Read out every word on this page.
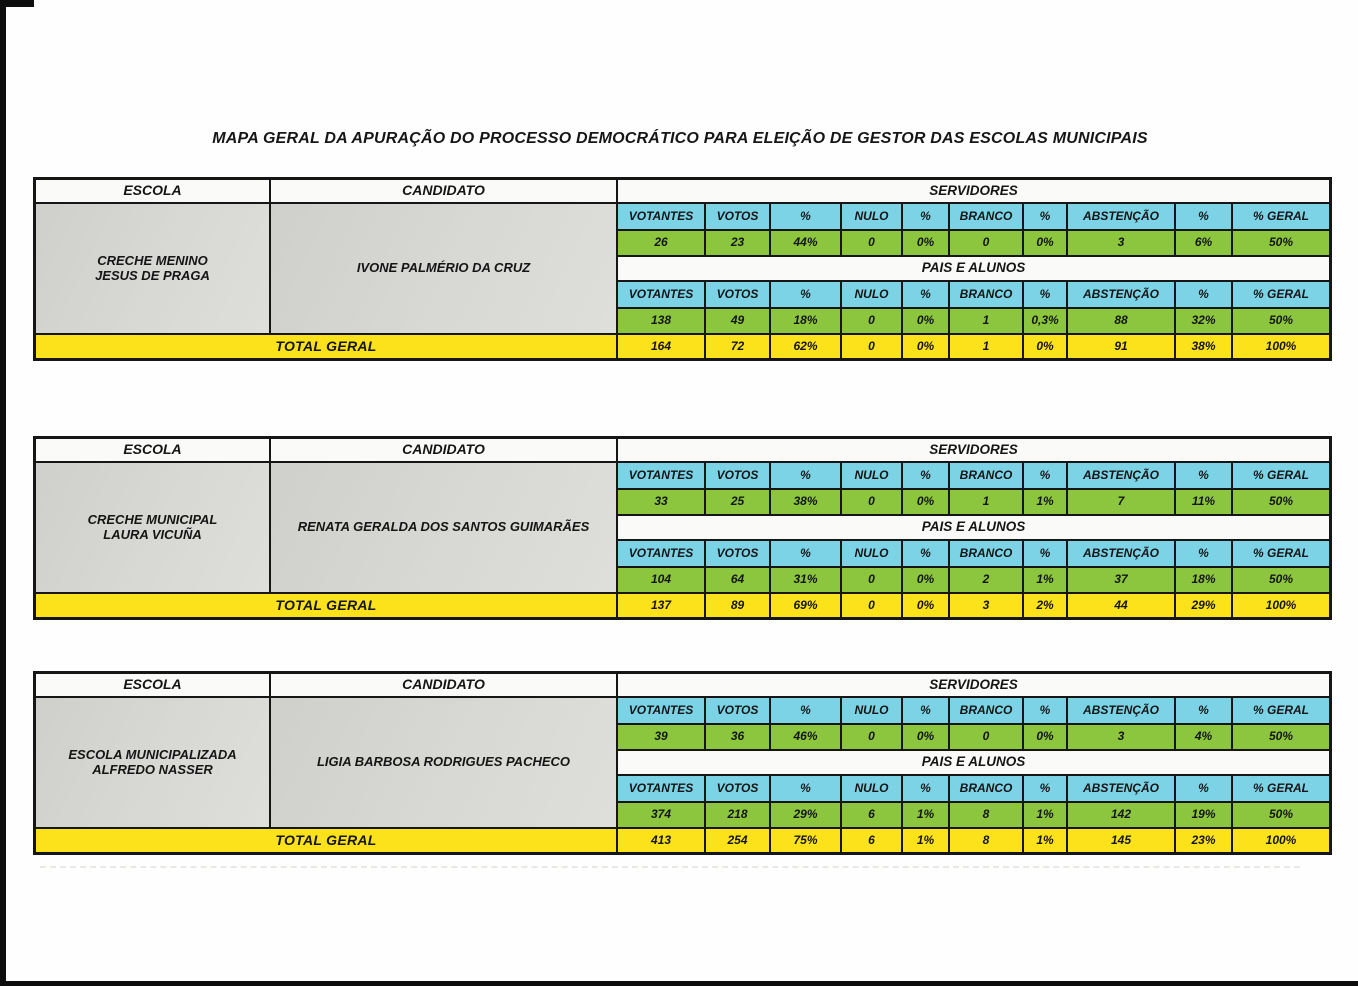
MAPA GERAL DA APURAÇÃO DO PROCESSO DEMOCRÁTICO PARA ELEIÇÃO DE GESTOR DAS ESCOLAS MUNICIPAIS
ESCOLA	CANDIDATO	SERVIDORES
CRECHE MENINO
JESUS DE PRAGA	IVONE PALMÉRIO DA CRUZ
VOTANTES	VOTOS	%	NULO	%	BRANCO	%	ABSTENÇÃO	%	% GERAL
26	23	44%	0	0%	0	0%	3	6%	50%
PAIS E ALUNOS
VOTANTES	VOTOS	%	NULO	%	BRANCO	%	ABSTENÇÃO	%	% GERAL
138	49	18%	0	0%	1	0,3%	88	32%	50%
TOTAL GERAL	164	72	62%	0	0%	1	0%	91	38%	100%
ESCOLA	CANDIDATO	SERVIDORES
CRECHE MUNICIPAL
LAURA VICUÑA	RENATA GERALDA DOS SANTOS GUIMARÃES
VOTANTES	VOTOS	%	NULO	%	BRANCO	%	ABSTENÇÃO	%	% GERAL
33	25	38%	0	0%	1	1%	7	11%	50%
PAIS E ALUNOS
VOTANTES	VOTOS	%	NULO	%	BRANCO	%	ABSTENÇÃO	%	% GERAL
104	64	31%	0	0%	2	1%	37	18%	50%
TOTAL GERAL	137	89	69%	0	0%	3	2%	44	29%	100%
ESCOLA	CANDIDATO	SERVIDORES
ESCOLA MUNICIPALIZADA
ALFREDO NASSER	LIGIA BARBOSA RODRIGUES PACHECO
VOTANTES	VOTOS	%	NULO	%	BRANCO	%	ABSTENÇÃO	%	% GERAL
39	36	46%	0	0%	0	0%	3	4%	50%
PAIS E ALUNOS
VOTANTES	VOTOS	%	NULO	%	BRANCO	%	ABSTENÇÃO	%	% GERAL
374	218	29%	6	1%	8	1%	142	19%	50%
TOTAL GERAL	413	254	75%	6	1%	8	1%	145	23%	100%
